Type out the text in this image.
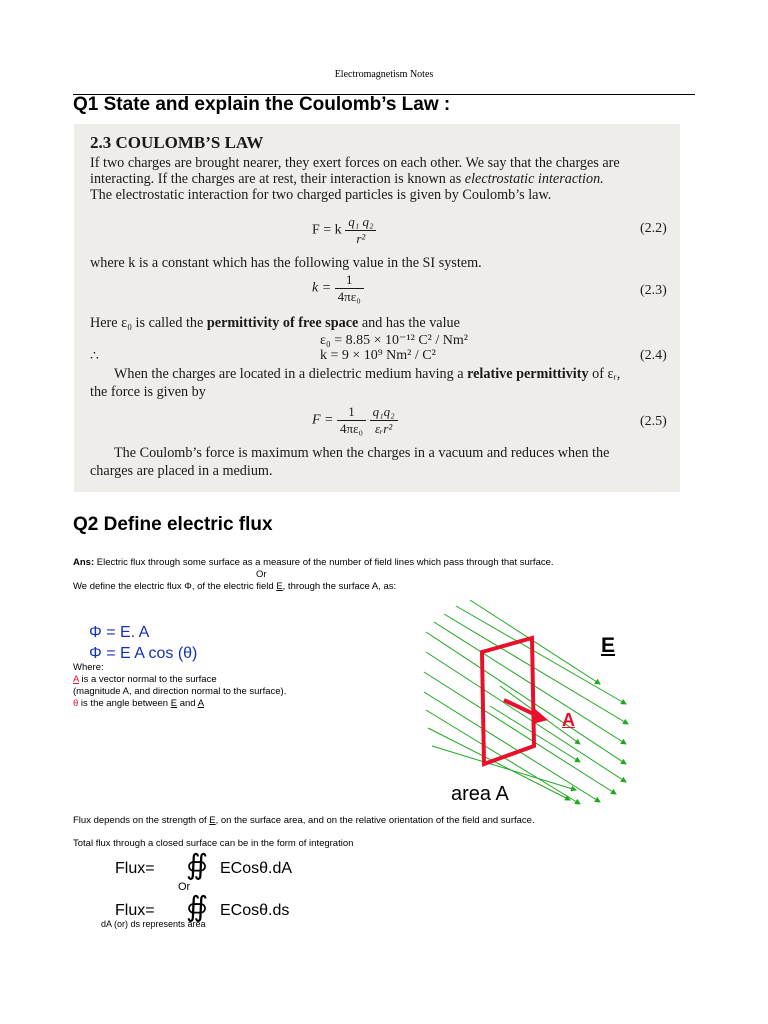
Electromagnetism Notes
Q1 State and explain the Coulomb’s Law :
2.3 COULOMB’S LAW
If two charges are brought nearer, they exert forces on each other. We say that the charges are
interacting. If the charges are at rest, their interaction is known as electrostatic interaction.
The electrostatic interaction for two charged particles is given by Coulomb’s law.
F = k $\frac{\text{q₁ q₂}}{\text{r²}}$	(2.2)
where k is a constant which has the following value in the SI system.
$k = \frac{1}{\text{4πε₀}}$	(2.3)
Here ε₀ is called the permittivity of free space and has the value
ε₀ = 8.85 × 10⁻¹² C² / Nm²
∴	k = 9 × 10⁹ Nm² / C²	(2.4)
When the charges are located in a dielectric medium having a relative permittivity of εᵣ,
the force is given by
$F = \frac{1}{\text{4πε₀}}$
$\frac{\text{q₁q₂}}{\text{εᵣr²}}$	(2.5)
The Coulomb’s force is maximum when the charges in a vacuum and reduces when the
charges are placed in a medium.
Q2 Define electric flux
Ans: Electric flux through some surface as a measure of the number of field lines which pass through that surface.
Or
We define the electric flux Φ, of the electric field E, through the surface A, as:
Φ = E. A
Φ = E A cos (θ)
Where:
A is a vector normal to the surface
(magnitude A, and direction normal to the surface).
θ is the angle between E and A
E
A
area A
Flux depends on the strength of E, on the surface area, and on the relative orientation of the field and surface.
Total flux through a closed surface can be in the form of integration
Flux= ∯ ECosθ.dA
Or
Flux= ∯ ECosθ.ds
dA (or) ds represents area
